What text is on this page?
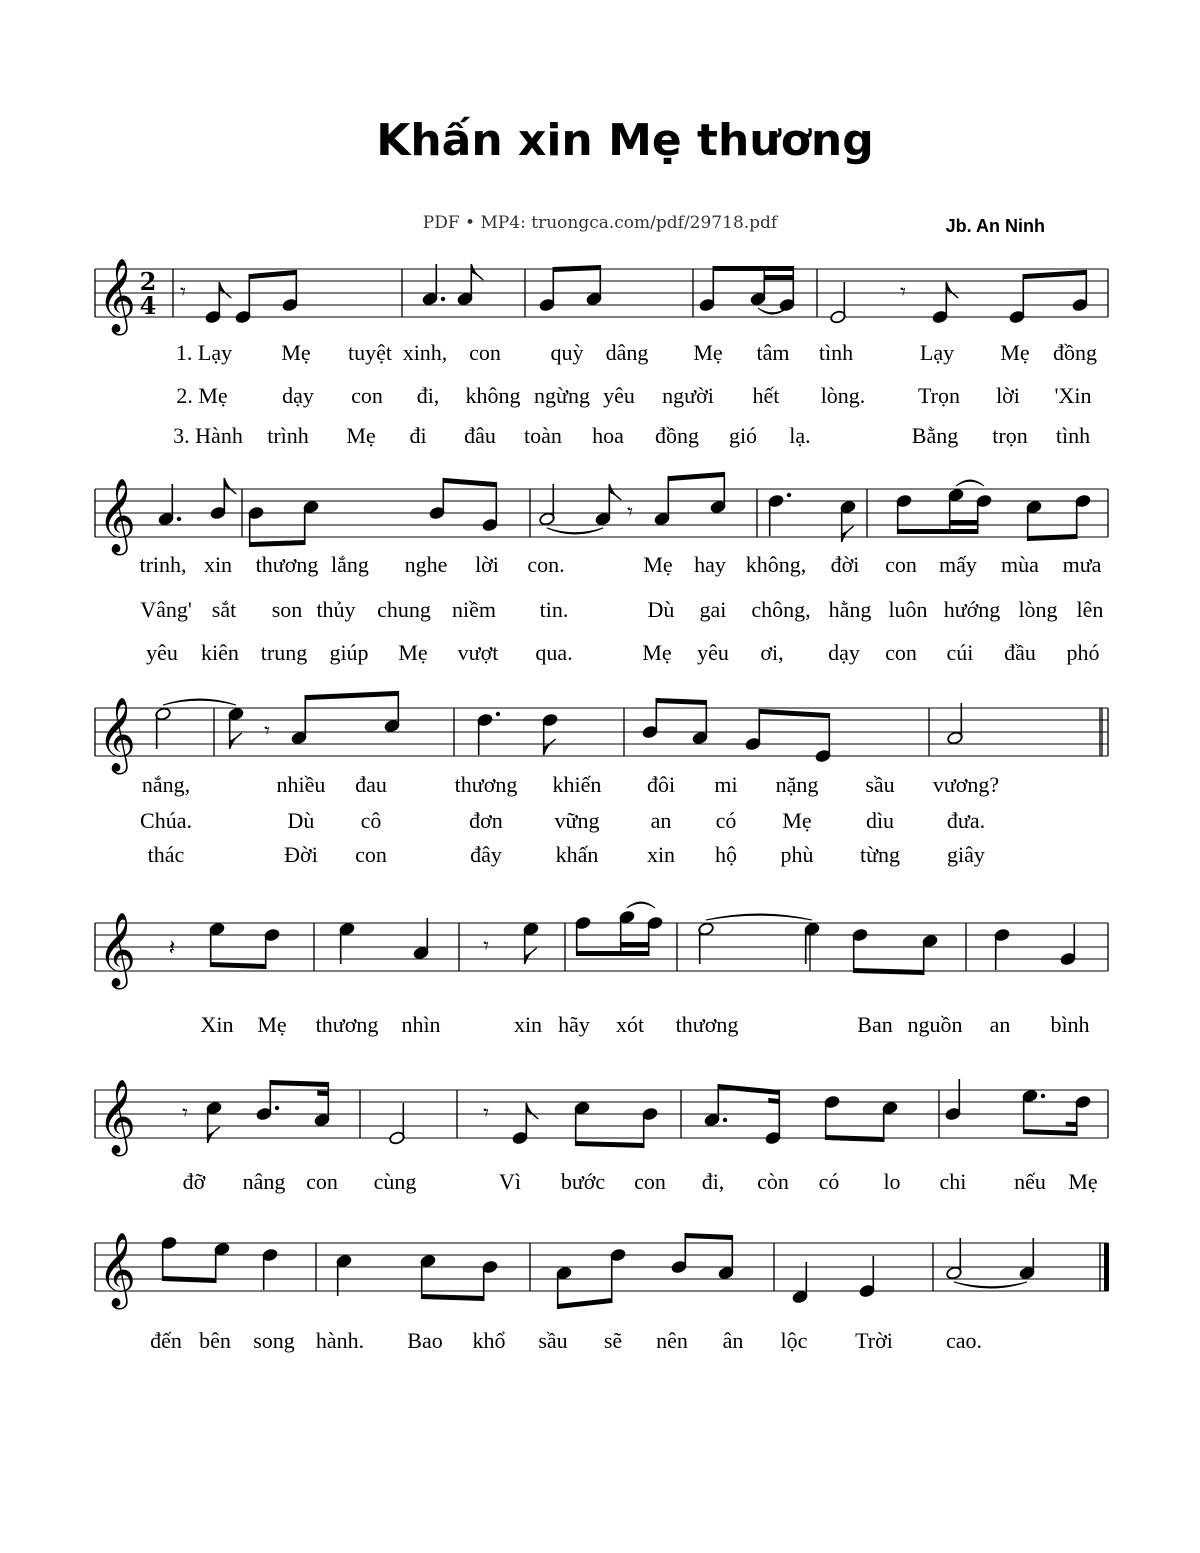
Khấn xin Mẹ thương
PDF • MP4: truongca.com/pdf/29718.pdf	Jb. An Ninh
𝄞 2
4 𝄾	𝄾
1. Lạy Mẹ tuyệt xinh, con quỳ dâng Mẹ tâm tình	Lạy Mẹ đồng
2. Mẹ dạy con đi, không ngừng yêu người hết lòng. Trọn lời 'Xin
3. Hành trình Mẹ đi đâu toàn hoa đồng gió lạ.	Bằng trọn tình
𝄞	𝄾
trinh, xin thương lắng nghe lời con.	Mẹ hay không, đời con mấy mùa mưa
Vâng' sắt son thủy chung niềm tin.	Dù gai chông, hằng luôn hướng lòng lên
yêu kiên trung giúp Mẹ vượt qua.	Mẹ yêu ơi, dạy con cúi đầu phó
𝄞	𝄾
nắng,	nhiều đau	thương khiến đôi mi nặng sầu vương?
Chúa.	Dù cô	đơn vững an có Mẹ dìu đưa.
thác	Đời con	đây khấn xin hộ phù từng giây
𝄞 𝄽	𝄾
Xin Mẹ thương nhìn	xin hãy xót thương	Ban nguồn an bình
𝄞 𝄾	𝄾
đỡ nâng con cùng	Vì bước con đi, còn có lo chi nếu Mẹ
𝄞
đến bên song hành. Bao khổ sầu sẽ nên ân lộc Trời cao.
